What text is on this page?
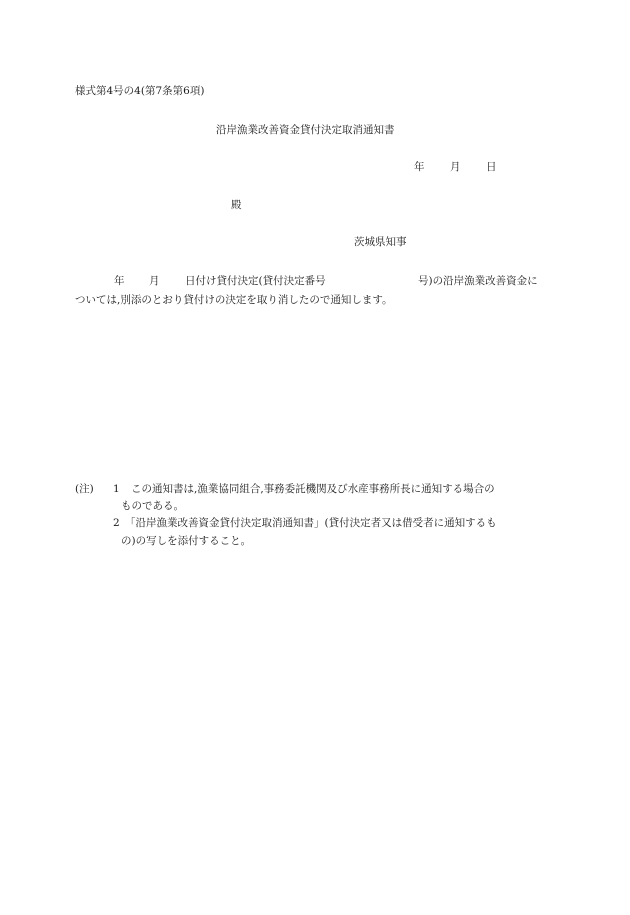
様式第4号の4(第7条第6項)
沿岸漁業改善資金貸付決定取消通知書
年 月 日
殿
茨城県知事
年 月 日付け貸付決定(貸付決定番号	号)の沿岸漁業改善資金に
ついては,別添のとおり貸付けの決定を取り消したので通知します。
(注) 1 この通知書は,漁業協同組合,事務委託機関及び水産事務所長に通知する場合の
ものである。
2 「沿岸漁業改善資金貸付決定取消通知書」(貸付決定者又は借受者に通知するも
の)の写しを添付すること。
